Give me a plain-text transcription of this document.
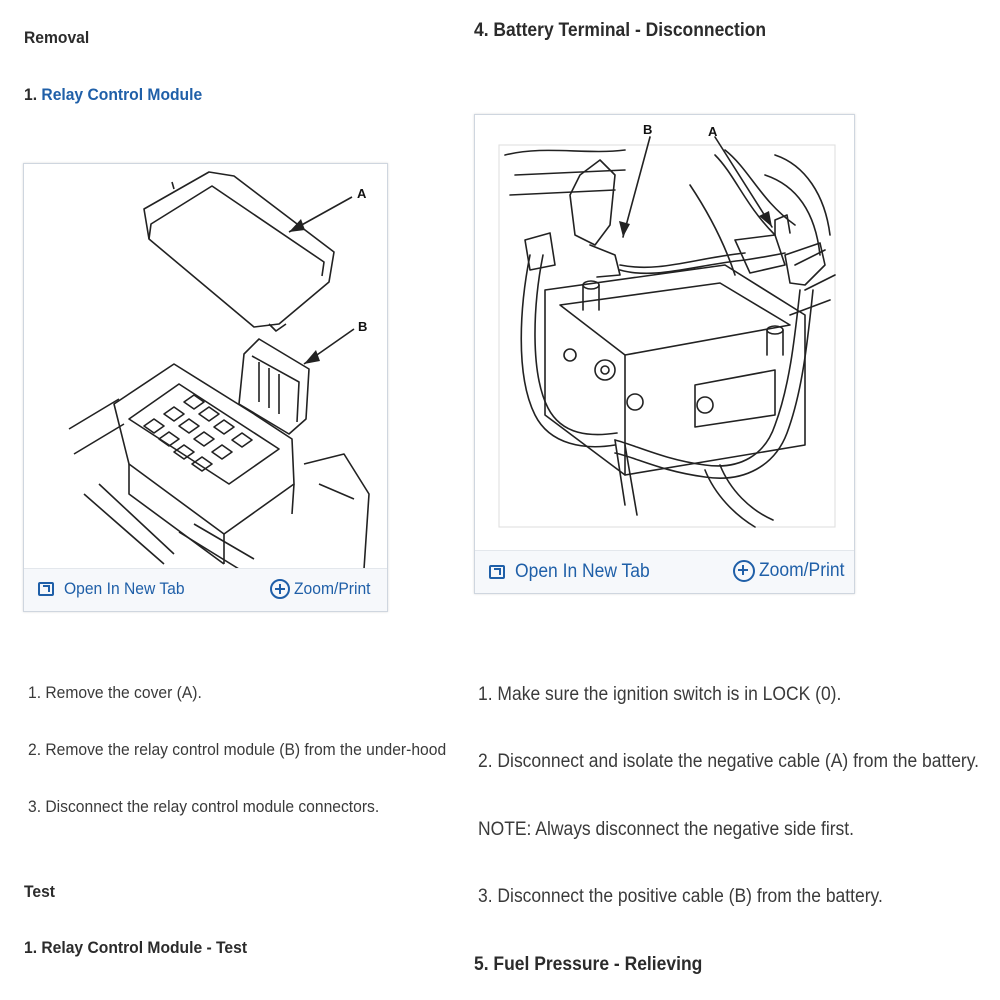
Removal
1. Relay Control Module
A
B
Open In New Tab	Zoom/Print
1. Remove the cover (A).
2. Remove the relay control module (B) from the under-hood
3. Disconnect the relay control module connectors.
Test
1. Relay Control Module - Test
4. Battery Terminal - Disconnection
B	A
Open In New Tab	Zoom/Print
1. Make sure the ignition switch is in LOCK (0).
2. Disconnect and isolate the negative cable (A) from the battery.
NOTE: Always disconnect the negative side first.
3. Disconnect the positive cable (B) from the battery.
5. Fuel Pressure - Relieving
